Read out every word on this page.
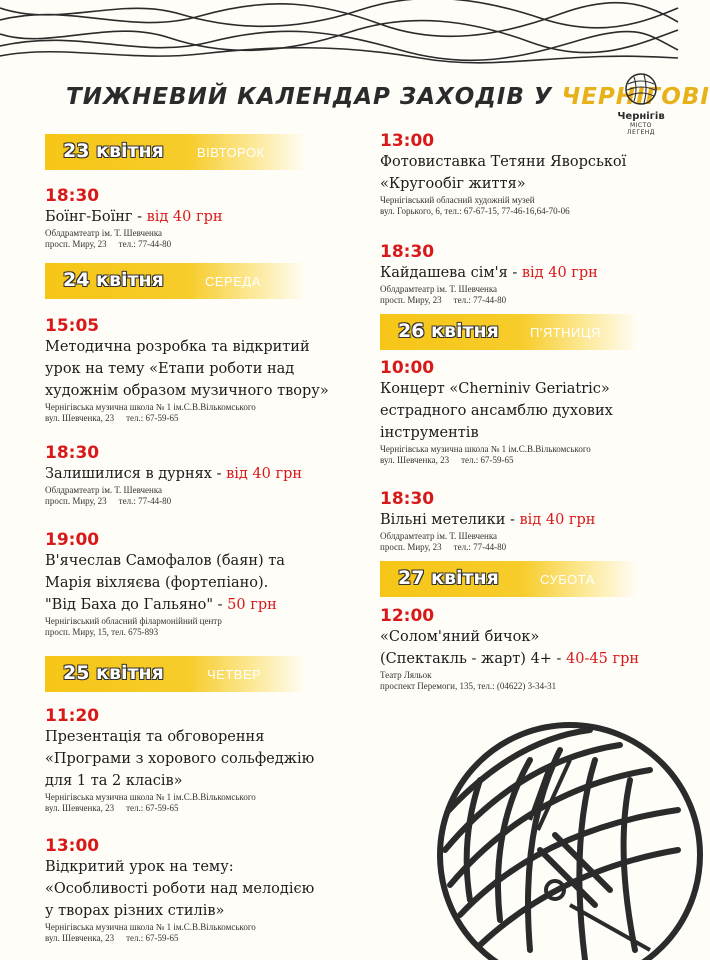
ТИЖНЕВИЙ КАЛЕНДАР ЗАХОДІВ У ЧЕРНІГОВІ
Чернігів
МІСТО ЛЕГЕНД
23 квітня	ВІВТОРОК
18:30
Боїнг-Боїнг - від 40 грн
Облдрамтеатр ім. Т. Шевченка
просп. Миру, 23 тел.: 77-44-80
24 квітня	СЕРЕДА
15:05
Методична розробка та відкритий
урок на тему «Етапи роботи над
художнім образом музичного твору»
Чернігівська музична школа № 1 ім.С.В.Вількомського
вул. Шевченка, 23 тел.: 67-59-65
18:30
Залишилися в дурнях - від 40 грн
Облдрамтеатр ім. Т. Шевченка
просп. Миру, 23 тел.: 77-44-80
19:00
В'ячеслав Самофалов (баян) та
Марія віхляєва (фортепіано).
"Від Баха до Гальяно" - 50 грн
Чернігівський обласний філармонійний центр
просп. Миру, 15, тел. 675-893
25 квітня	ЧЕТВЕР
11:20
Презентація та обговорення
«Програми з хорового сольфеджію
для 1 та 2 класів»
Чернігівська музична школа № 1 ім.С.В.Вількомського
вул. Шевченка, 23 тел.: 67-59-65
13:00
Відкритий урок на тему:
«Особливості роботи над мелодією
у творах різних стилів»
Чернігівська музична школа № 1 ім.С.В.Вількомського
вул. Шевченка, 23 тел.: 67-59-65
13:00
Фотовиставка Тетяни Яворської
«Кругообіг життя»
Чернігівський обласний художній музей
вул. Горького, 6, тел.: 67-67-15, 77-46-16,64-70-06
18:30
Кайдашева сім'я - від 40 грн
Облдрамтеатр ім. Т. Шевченка
просп. Миру, 23 тел.: 77-44-80
26 квітня П'ЯТНИЦЯ
10:00
Концерт «Cherniniv Geriatric»
естрадного ансамблю духових
інструментів
Чернігівська музична школа № 1 ім.С.В.Вількомського
вул. Шевченка, 23 тел.: 67-59-65
18:30
Вільні метелики - від 40 грн
Облдрамтеатр ім. Т. Шевченка
просп. Миру, 23 тел.: 77-44-80
27 квітня	СУБОТА
12:00
«Солом'яний бичок»
(Спектакль - жарт) 4+ - 40-45 грн
Театр Ляльок
проспект Перемоги, 135, тел.: (04622) 3-34-31
